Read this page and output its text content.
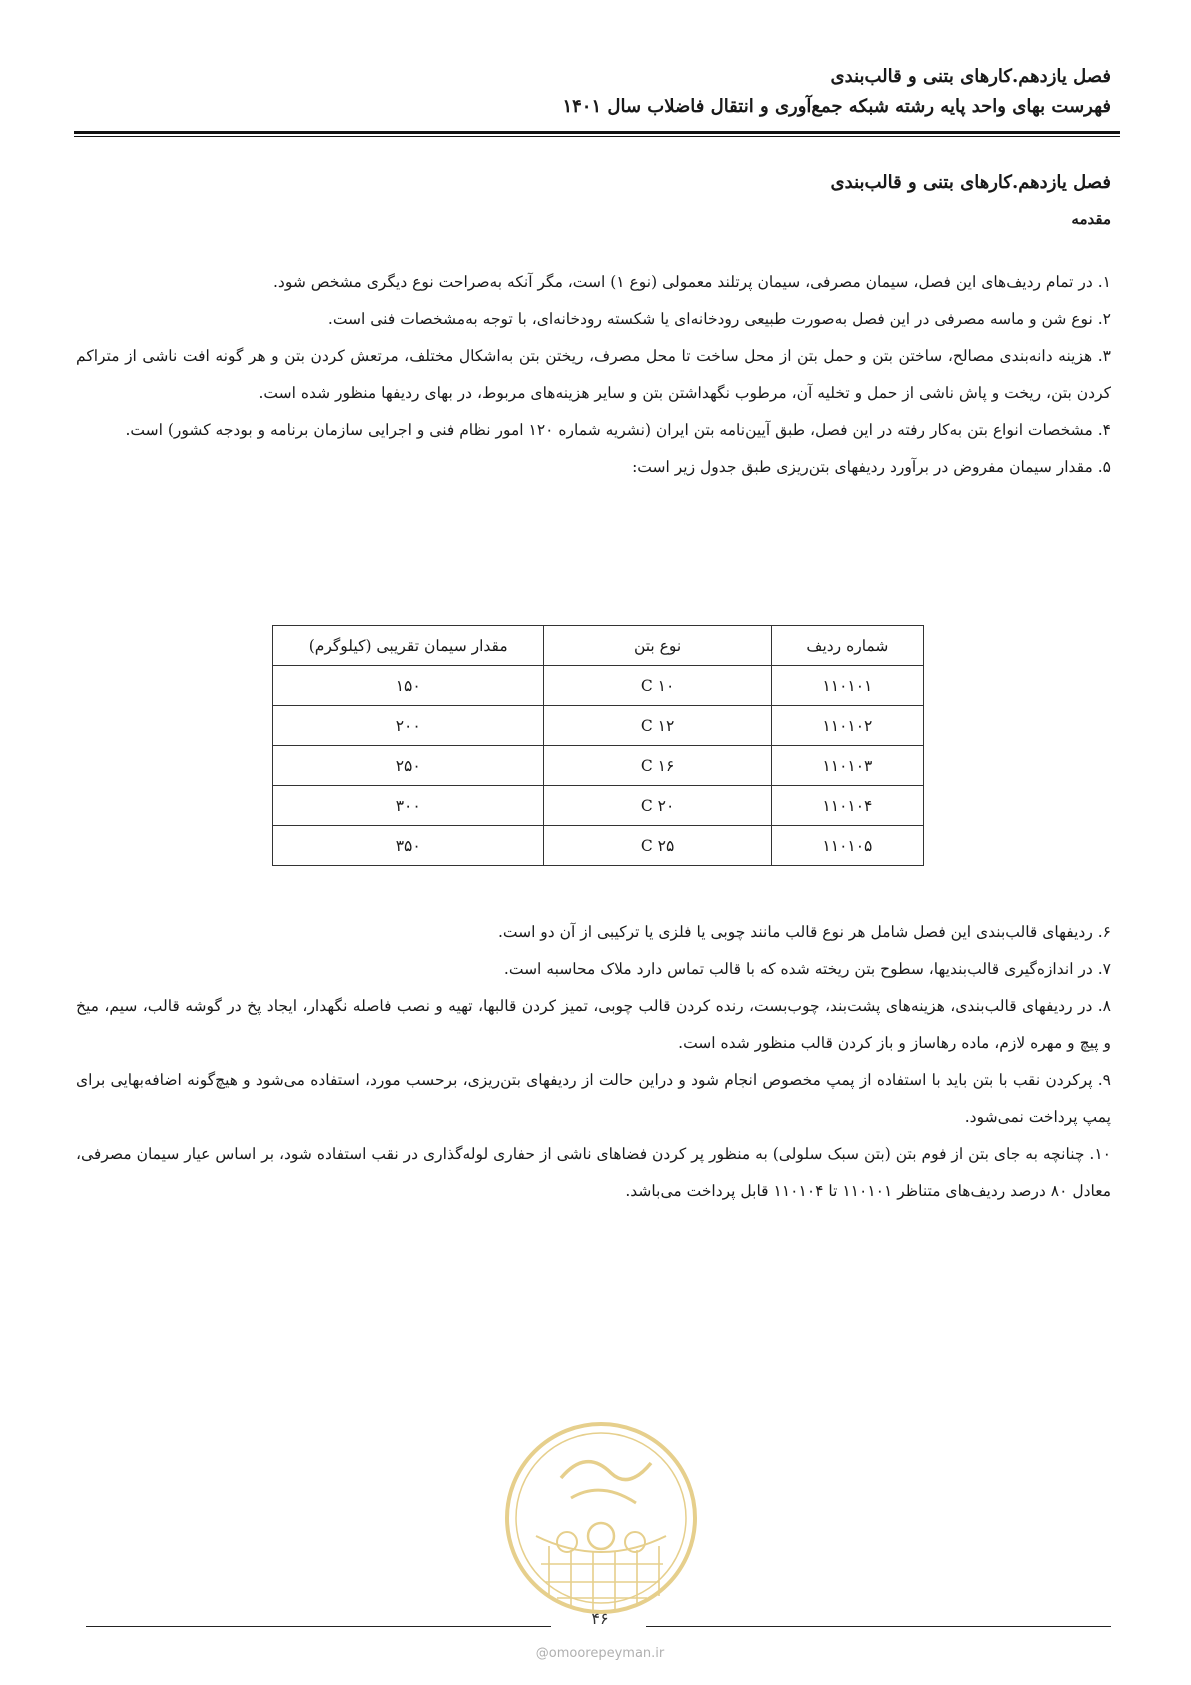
فصل یازدهم.کارهای بتنی و قالب‌بندی
فهرست بهای واحد پایه رشته شبکه جمع‌آوری و انتقال فاضلاب سال ۱۴۰۱
فصل یازدهم.کارهای بتنی و قالب‌بندی
مقدمه

۱. در تمام ردیف‌های این فصل، سیمان مصرفی، سیمان پرتلند معمولی (نوع ۱) است، مگر آنکه به‌صراحت نوع دیگری مشخص شود.

۲. نوع شن و ماسه مصرفی در این فصل به‌صورت طبیعی رودخانه‌ای یا شکسته رودخانه‌ای، با توجه به‌مشخصات فنی است.

۳. هزینه دانه‌بندی مصالح، ساختن بتن و حمل بتن از محل ساخت تا محل مصرف، ریختن بتن به‌اشکال مختلف، مرتعش کردن بتن و هر گونه افت ناشی از متراکم کردن بتن، ریخت و پاش ناشی از حمل و تخلیه آن، مرطوب نگهداشتن بتن و سایر هزینه‌های مربوط، در بهای ردیفها منظور شده است.

۴. مشخصات انواع بتن به‌کار رفته در این فصل، طبق آیین‌نامه بتن ایران (نشریه شماره ۱۲۰ امور نظام فنی و اجرایی سازمان برنامه و بودجه کشور) است.

۵. مقدار سیمان مفروض در برآورد ردیفهای بتن‌ریزی طبق جدول زیر است:

شماره ردیف	نوع بتن	مقدار سیمان تقریبی (کیلوگرم)
۱۱۰۱۰۱	C ۱۰	۱۵۰
۱۱۰۱۰۲	C ۱۲	۲۰۰
۱۱۰۱۰۳	C ۱۶	۲۵۰
۱۱۰۱۰۴	C ۲۰	۳۰۰
۱۱۰۱۰۵	C ۲۵	۳۵۰

۶. ردیفهای قالب‌بندی این فصل شامل هر نوع قالب مانند چوبی یا فلزی یا ترکیبی از آن دو است.

۷. در اندازه‌گیری قالب‌بندیها، سطوح بتن ریخته شده که با قالب تماس دارد ملاک محاسبه است.

۸. در ردیفهای قالب‌بندی، هزینه‌های پشت‌بند، چوب‌بست، رنده کردن قالب چوبی، تمیز کردن قالبها، تهیه و نصب فاصله نگهدار، ایجاد پخ در گوشه قالب، سیم، میخ و پیچ و مهره لازم، ماده رهاساز و باز کردن قالب منظور شده است.

۹. پرکردن نقب با بتن باید با استفاده از پمپ مخصوص انجام شود و دراین حالت از ردیفهای بتن‌ریزی، برحسب مورد، استفاده می‌شود و هیچ‌گونه اضافه‌بهایی برای پمپ پرداخت نمی‌شود.

۱۰. چنانچه به جای بتن از فوم بتن (بتن سبک سلولی) به منظور پر کردن فضاهای ناشی از حفاری لوله‌گذاری در نقب استفاده شود، بر اساس عیار سیمان مصرفی، معادل ۸۰ درصد ردیف‌های متناظر ۱۱۰۱۰۱ تا ۱۱۰۱۰۴ قابل پرداخت می‌باشد.

۴۶
@omoorepeyman.ir
